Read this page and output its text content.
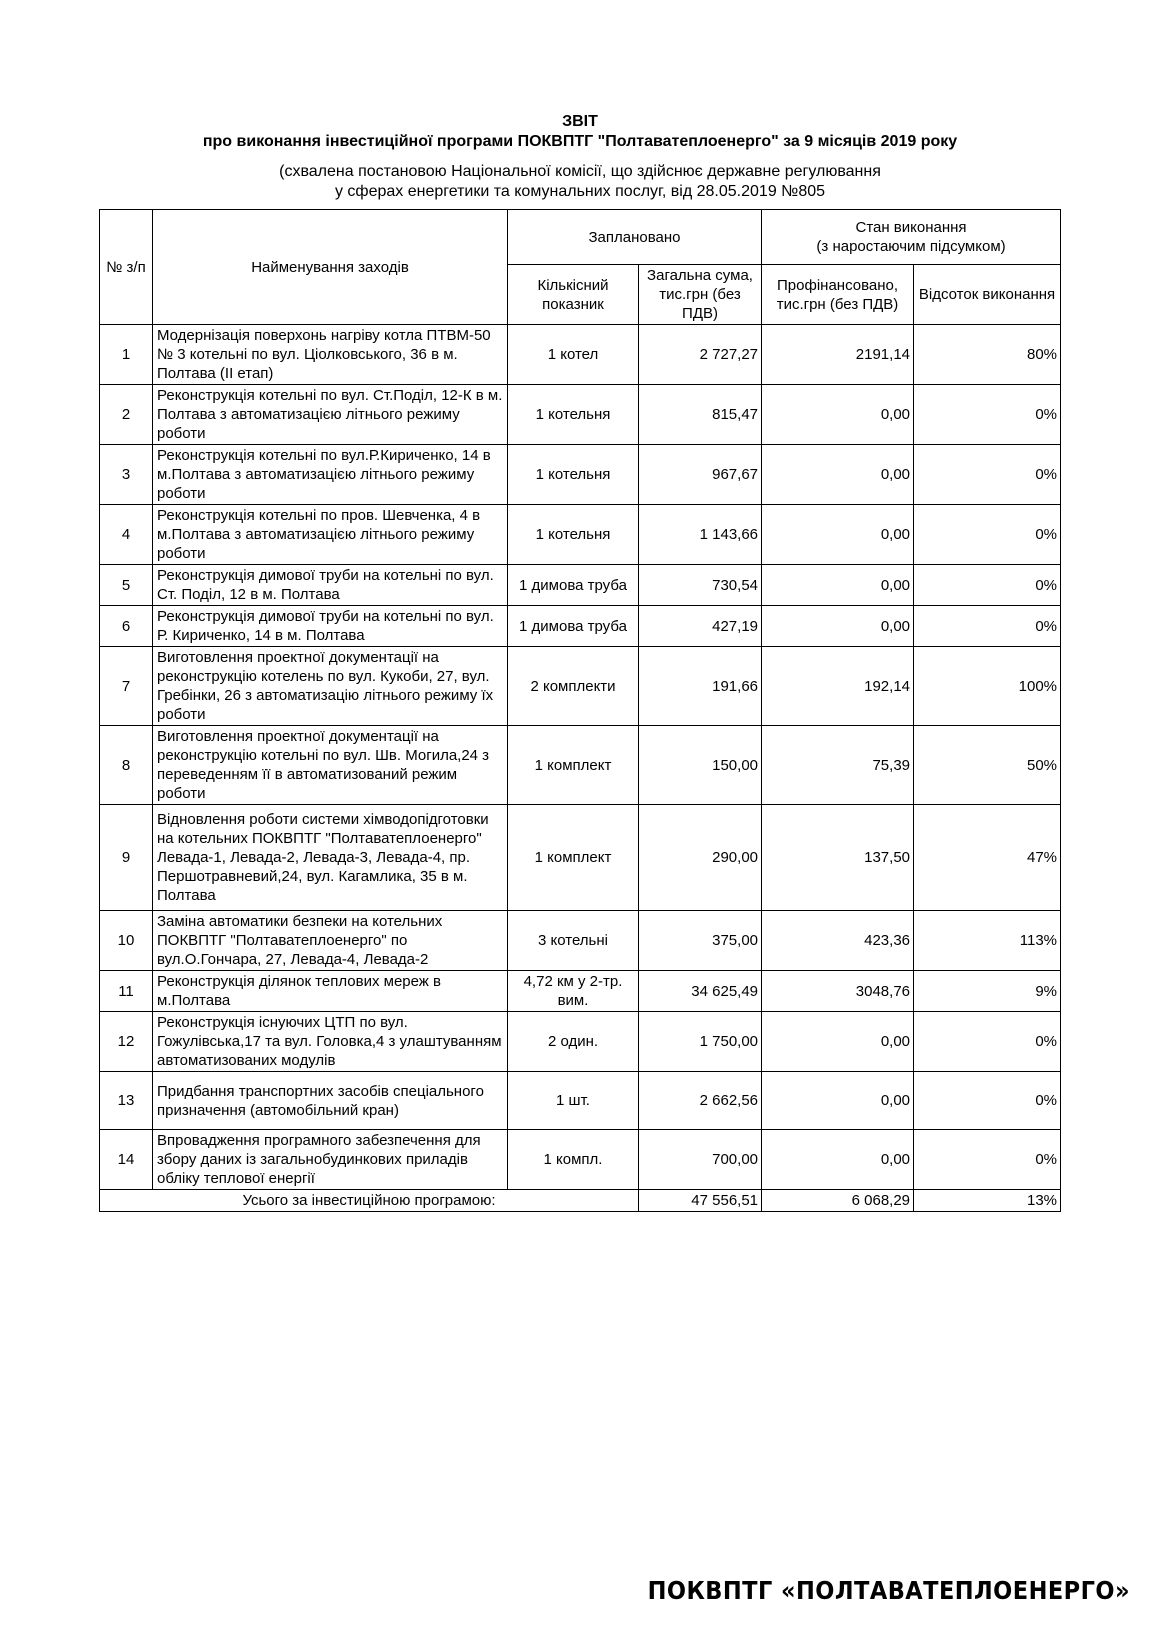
ЗВІТ
про виконання інвестиційної програми ПОКВПТГ "Полтаватеплоенерго" за 9 місяців 2019 року
(схвалена постановою Національної комісії, що здійснює державне регулювання
у сферах енергетики та комунальних послуг, від 28.05.2019 №805
№ з/п	Найменування заходів	Заплановано		Стан виконання
(з наростаючим підсумком)	

		Кількісний показник	Загальна сума, тис.грн (без ПДВ)	Профінансовано, тис.грн (без ПДВ)	Відсоток виконання
1	Модернізація поверхонь нагріву котла ПТВМ-50 № 3 котельні по вул. Ціолковського, 36 в м. Полтава (ІІ етап)	1 котел	2 727,27	2191,14	80%
2	Реконструкція котельні по вул. Ст.Поділ, 12-К в м. Полтава з автоматизацією літнього режиму роботи	1 котельня	815,47	0,00	0%
3	Реконструкція котельні по вул.Р.Кириченко, 14 в м.Полтава з автоматизацією літнього режиму роботи	1 котельня	967,67	0,00	0%
4	Реконструкція котельні по пров. Шевченка, 4 в м.Полтава з автоматизацією літнього режиму роботи	1 котельня	1 143,66	0,00	0%
5	Реконструкція димової труби на котельні по вул. Ст. Поділ, 12 в м. Полтава	1 димова труба	730,54	0,00	0%
6	Реконструкція димової труби на котельні по вул. Р. Кириченко, 14 в м. Полтава	1 димова труба	427,19	0,00	0%
7	Виготовлення проектної документації на реконструкцію котелень по вул. Кукоби, 27, вул. Гребінки, 26 з автоматизацію літнього режиму їх роботи	2 комплекти	191,66	192,14	100%
8	Виготовлення проектної документації на реконструкцію котельні по вул. Шв. Могила,24 з переведенням її в автоматизований режим роботи	1 комплект	150,00	75,39	50%
9	Відновлення роботи системи хімводопідготовки на котельних ПОКВПТГ "Полтаватеплоенерго" Левада-1, Левада-2, Левада-3, Левада-4, пр. Першотравневий,24, вул. Кагамлика, 35 в м. Полтава	1 комплект	290,00	137,50	47%
10	Заміна автоматики безпеки на котельних ПОКВПТГ "Полтаватеплоенерго" по вул.О.Гончара, 27, Левада-4, Левада-2	3 котельні	375,00	423,36	113%
11	Реконструкція ділянок теплових мереж в м.Полтава	4,72 км у 2-тр. вим.	34 625,49	3048,76	9%
12	Реконструкція існуючих ЦТП по вул. Гожулівська,17 та вул. Головка,4 з улаштуванням автоматизованих модулів	2 один.	1 750,00	0,00	0%
13	Придбання транспортних засобів спеціального призначення (автомобільний кран)	1 шт.	2 662,56	0,00	0%
14	Впровадження програмного забезпечення для збору даних із загальнобудинкових приладів обліку теплової енергії	1 компл.	700,00	0,00	0%
Усього за інвестиційною програмою:			47 556,51	6 068,29	13%
ПОКВПТГ «ПОЛТАВАТЕПЛОЕНЕРГО»
